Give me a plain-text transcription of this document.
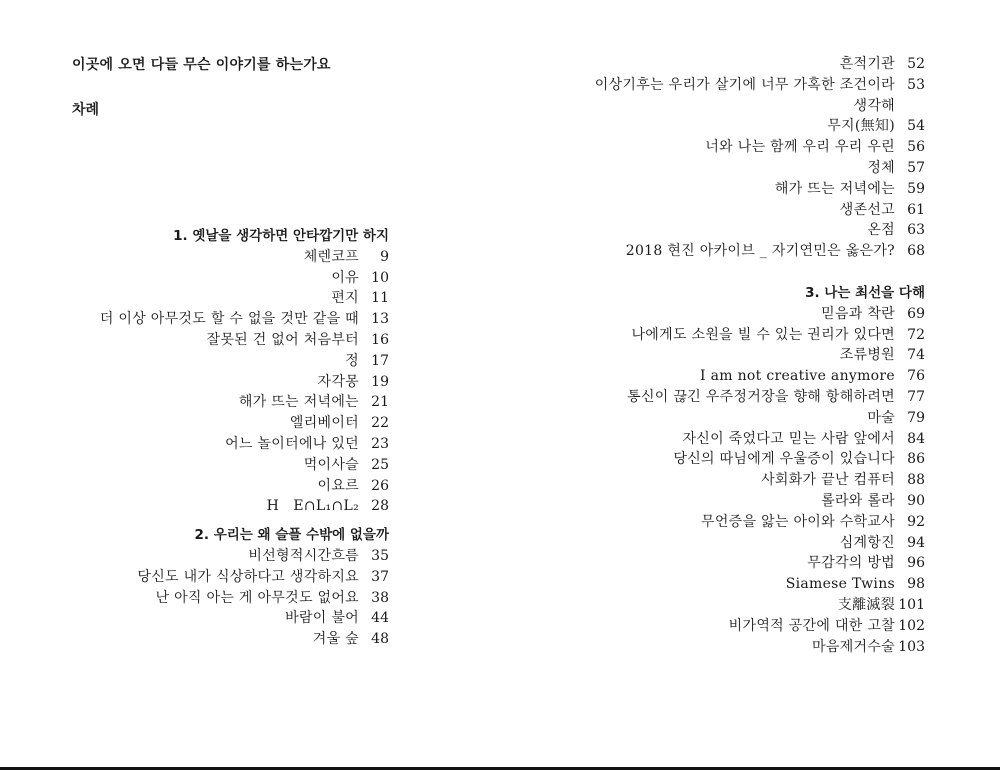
이곳에 오면 다들 무슨 이야기를 하는가요
차례
1. 옛날을 생각하면 안타깝기만 하지
체렌코프	9
이유 10
편지 11
더 이상 아무것도 할 수 없을 것만 같을 때 13
잘못된 건 없어 처음부터 16
정 17
자각몽 19
해가 뜨는 저녁에는 21
엘리베이터 22
어느 놀이터에나 있던 23
먹이사슬 25
이요르 26
H　E∩L₁∩L₂ 28
2. 우리는 왜 슬플 수밖에 없을까
비선형적시간흐름 35
당신도 내가 식상하다고 생각하지요 37
난 아직 아는 게 아무것도 없어요 38
바람이 불어 44
겨울 숲 48
흔적기관 52
이상기후는 우리가 살기에 너무 가혹한 조건이라 53
생각해
무지(無知) 54
너와 나는 함께 우리 우리 우린 56
정체 57
해가 뜨는 저녁에는 59
생존선고 61
온점 63
2018 현진 아카이브 _ 자기연민은 옳은가? 68
3. 나는 최선을 다해
믿음과 착란 69
나에게도 소원을 빌 수 있는 권리가 있다면 72
조류병원 74
I am not creative anymore 76
통신이 끊긴 우주정거장을 향해 항해하려면 77
마술 79
자신이 죽었다고 믿는 사람 앞에서 84
당신의 따님에게 우울증이 있습니다 86
사회화가 끝난 컴퓨터 88
롤라와 롤라 90
무언증을 앓는 아이와 수학교사 92
심계항진 94
무감각의 방법 96
Siamese Twins 98
支離滅裂 101
비가역적 공간에 대한 고찰 102
마음제거수술 103
